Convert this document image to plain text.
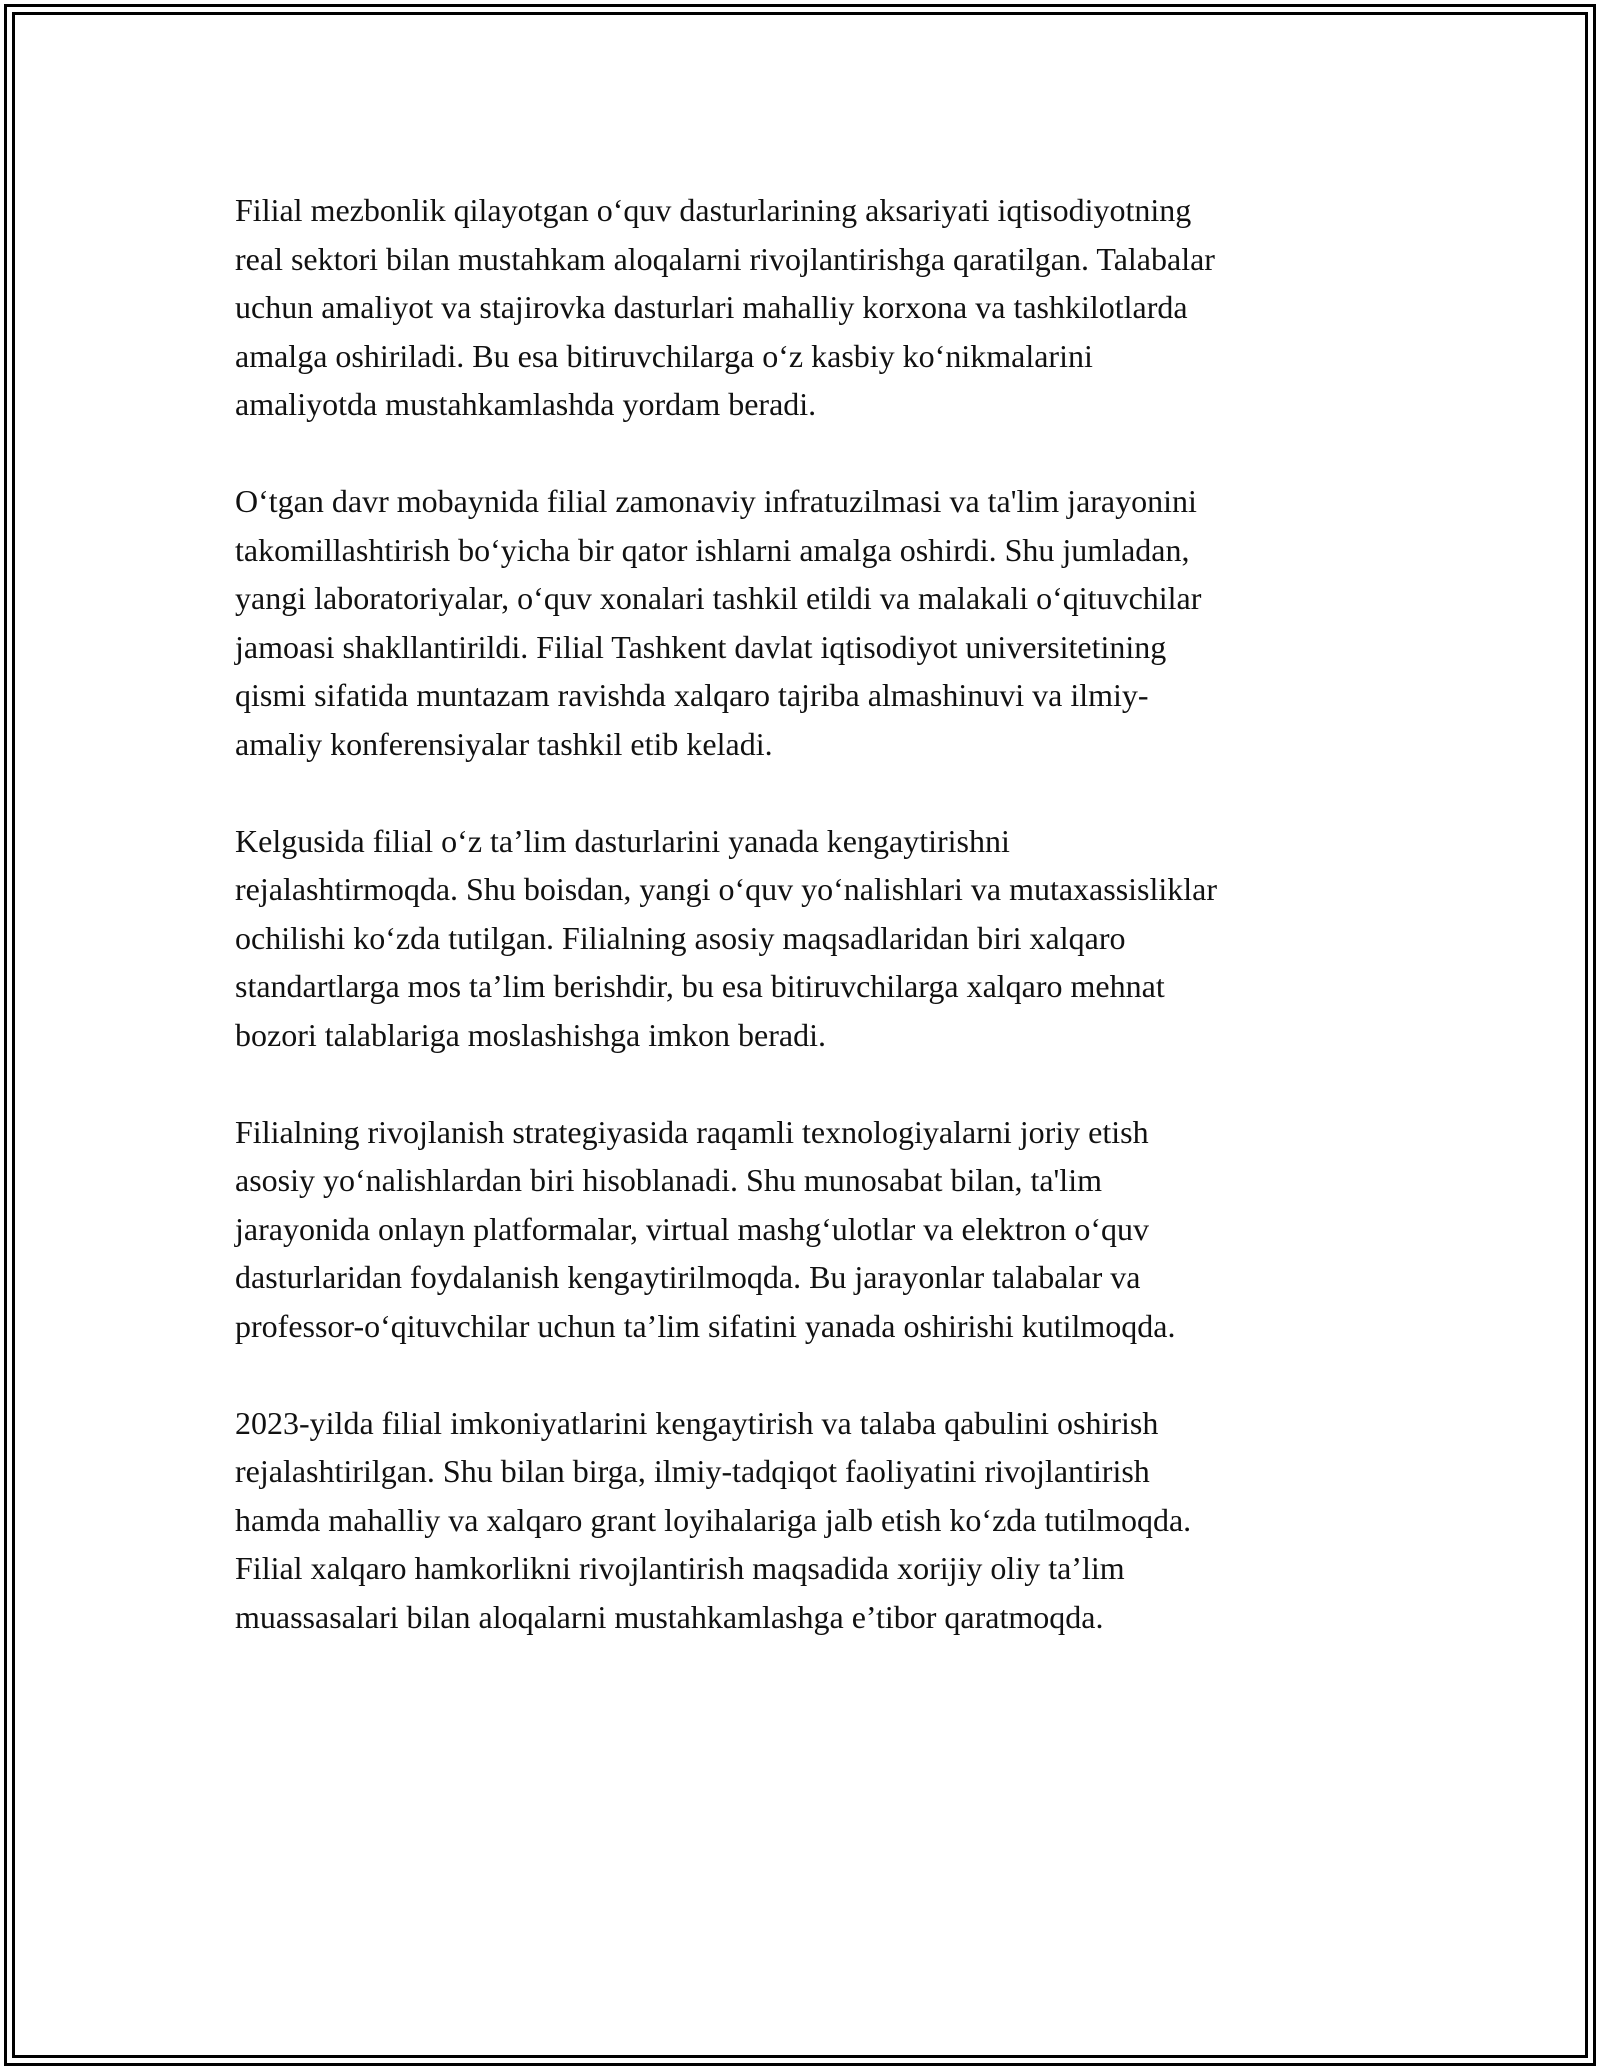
Filial mezbonlik qilayotgan o‘quv dasturlarining aksariyati iqtisodiyotning
real sektori bilan mustahkam aloqalarni rivojlantirishga qaratilgan. Talabalar
uchun amaliyot va stajirovka dasturlari mahalliy korxona va tashkilotlarda
amalga oshiriladi. Bu esa bitiruvchilarga o‘z kasbiy ko‘nikmalarini
amaliyotda mustahkamlashda yordam beradi.

O‘tgan davr mobaynida filial zamonaviy infratuzilmasi va ta'lim jarayonini
takomillashtirish bo‘yicha bir qator ishlarni amalga oshirdi. Shu jumladan,
yangi laboratoriyalar, o‘quv xonalari tashkil etildi va malakali o‘qituvchilar
jamoasi shakllantirildi. Filial Tashkent davlat iqtisodiyot universitetining
qismi sifatida muntazam ravishda xalqaro tajriba almashinuvi va ilmiy-
amaliy konferensiyalar tashkil etib keladi.

Kelgusida filial o‘z ta’lim dasturlarini yanada kengaytirishni
rejalashtirmoqda. Shu boisdan, yangi o‘quv yo‘nalishlari va mutaxassisliklar
ochilishi ko‘zda tutilgan. Filialning asosiy maqsadlaridan biri xalqaro
standartlarga mos ta’lim berishdir, bu esa bitiruvchilarga xalqaro mehnat
bozori talablariga moslashishga imkon beradi.

Filialning rivojlanish strategiyasida raqamli texnologiyalarni joriy etish
asosiy yo‘nalishlardan biri hisoblanadi. Shu munosabat bilan, ta'lim
jarayonida onlayn platformalar, virtual mashg‘ulotlar va elektron o‘quv
dasturlaridan foydalanish kengaytirilmoqda. Bu jarayonlar talabalar va
professor-o‘qituvchilar uchun ta’lim sifatini yanada oshirishi kutilmoqda.

2023-yilda filial imkoniyatlarini kengaytirish va talaba qabulini oshirish
rejalashtirilgan. Shu bilan birga, ilmiy-tadqiqot faoliyatini rivojlantirish
hamda mahalliy va xalqaro grant loyihalariga jalb etish ko‘zda tutilmoqda.
Filial xalqaro hamkorlikni rivojlantirish maqsadida xorijiy oliy ta’lim
muassasalari bilan aloqalarni mustahkamlashga e’tibor qaratmoqda.
